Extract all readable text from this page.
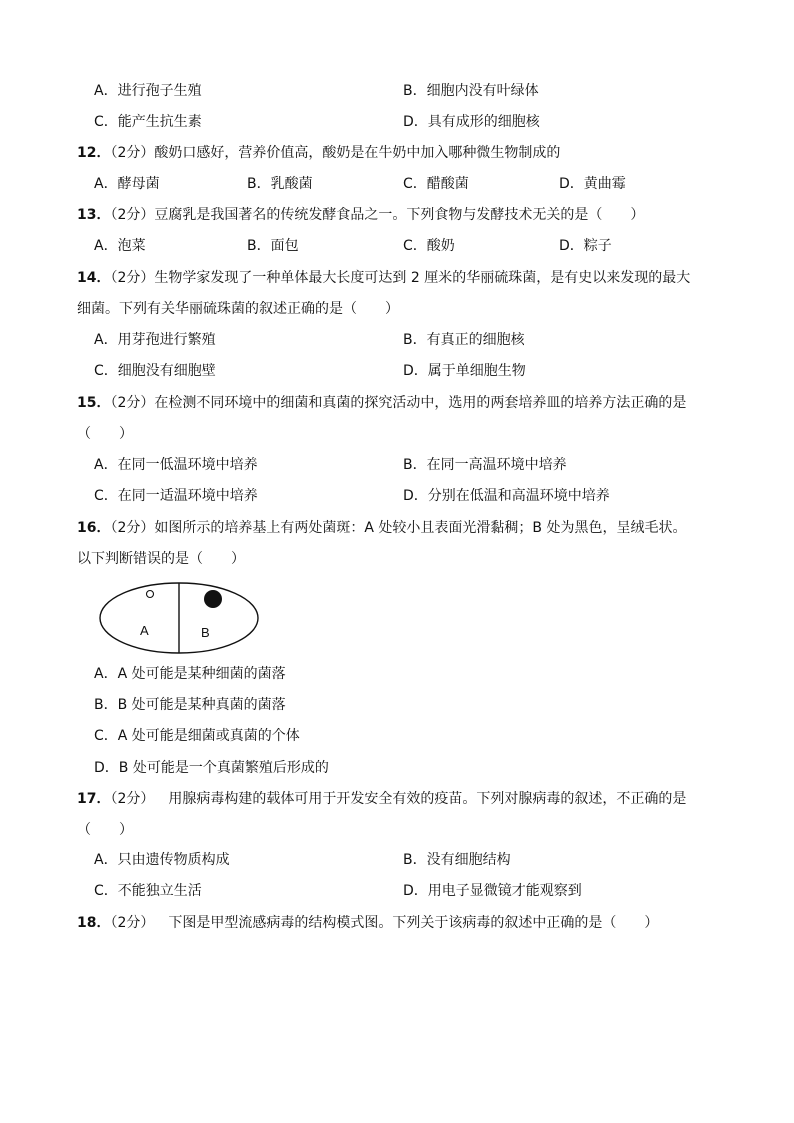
A．进行孢子生殖	B．细胞内没有叶绿体
C．能产生抗生素	D．具有成形的细胞核
12．（2分）酸奶口感好，营养价值高，酸奶是在牛奶中加入哪种微生物制成的
A．酵母菌	B．乳酸菌	C．醋酸菌	D．黄曲霉
13．（2分）豆腐乳是我国著名的传统发酵食品之一。下列食物与发酵技术无关的是（　　）
A．泡菜	B．面包	C．酸奶	D．粽子
14．（2分）生物学家发现了一种单体最大长度可达到 2 厘米的华丽硫珠菌，是有史以来发现的最大
细菌。下列有关华丽硫珠菌的叙述正确的是（　　）
A．用芽孢进行繁殖	B．有真正的细胞核
C．细胞没有细胞壁	D．属于单细胞生物
15．（2分）在检测不同环境中的细菌和真菌的探究活动中，选用的两套培养皿的培养方法正确的是
（　　）
A．在同一低温环境中培养	B．在同一高温环境中培养
C．在同一适温环境中培养	D．分别在低温和高温环境中培养
16．（2分）如图所示的培养基上有两处菌斑：A 处较小且表面光滑黏稠；B 处为黑色，呈绒毛状。
以下判断错误的是（　　）
A	B
A．A 处可能是某种细菌的菌落
B．B 处可能是某种真菌的菌落
C．A 处可能是细菌或真菌的个体
D．B 处可能是一个真菌繁殖后形成的
17．（2分）  用腺病毒构建的载体可用于开发安全有效的疫苗。下列对腺病毒的叙述，不正确的是
（　　）
A．只由遗传物质构成	B．没有细胞结构
C．不能独立生活	D．用电子显微镜才能观察到
18．（2分）  下图是甲型流感病毒的结构模式图。下列关于该病毒的叙述中正确的是（　　）
